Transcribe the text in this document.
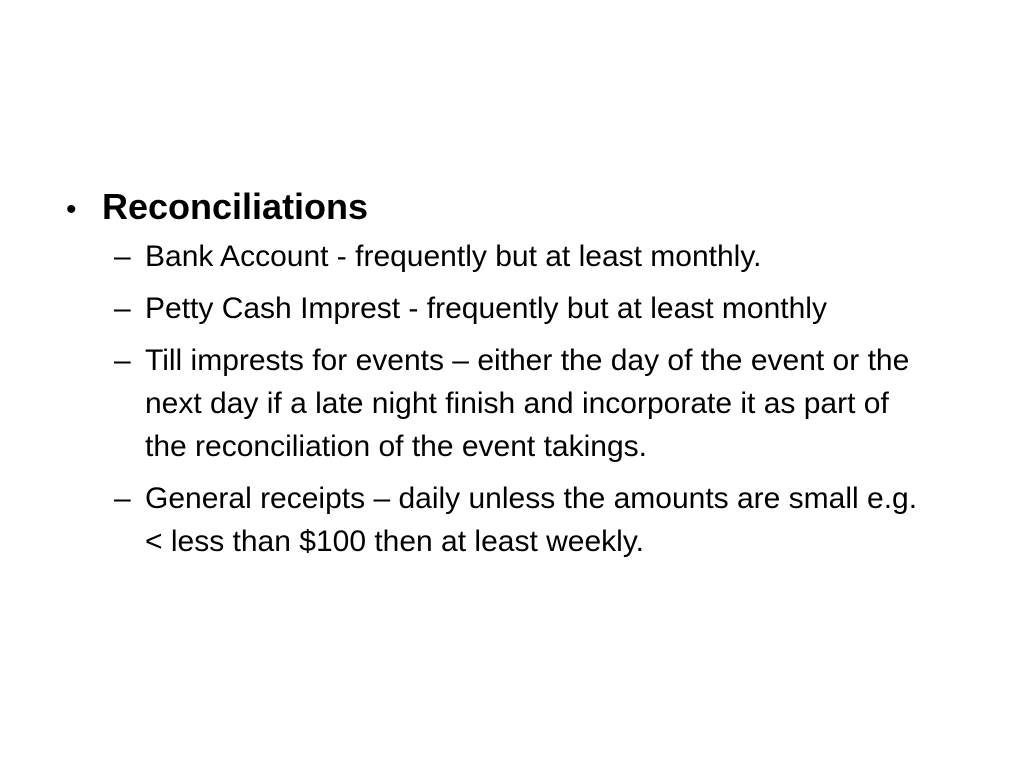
• Reconciliations
– Bank Account - frequently but at least monthly.
– Petty Cash Imprest - frequently but at least monthly
– Till imprests for events – either the day of the event or the next day if a late night finish and incorporate it as part of the reconciliation of the event takings.
– General receipts – daily unless the amounts are small e.g. < less than $100 then at least weekly.
